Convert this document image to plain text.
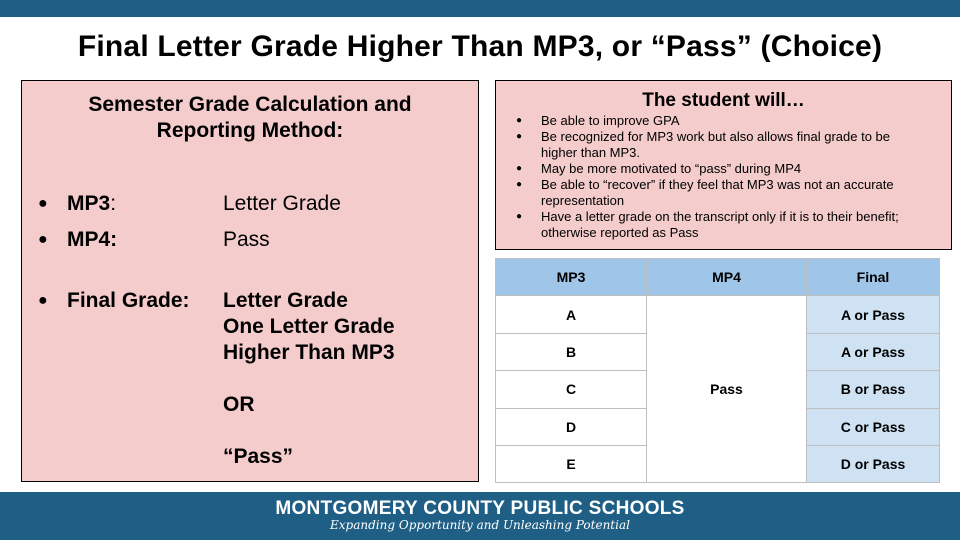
Final Letter Grade Higher Than MP3, or “Pass” (Choice)
Semester Grade Calculation and
Reporting Method:
● MP3:	Letter Grade
● MP4:	Pass
● Final Grade: Letter Grade
One Letter Grade
Higher Than MP3
OR
“Pass”
The student will…
● Be able to improve GPA
● Be recognized for MP3 work but also allows final grade to be higher than MP3.
● May be more motivated to “pass” during MP4
● Be able to “recover” if they feel that MP3 was not an accurate representation
● Have a letter grade on the transcript only if it is to their benefit; otherwise reported as Pass
MP3	MP4	Final
A	Pass	A or Pass
B		A or Pass
C		B or Pass
D		C or Pass
E		D or Pass
MONTGOMERY COUNTY PUBLIC SCHOOLS
Expanding Opportunity and Unleashing Potential
